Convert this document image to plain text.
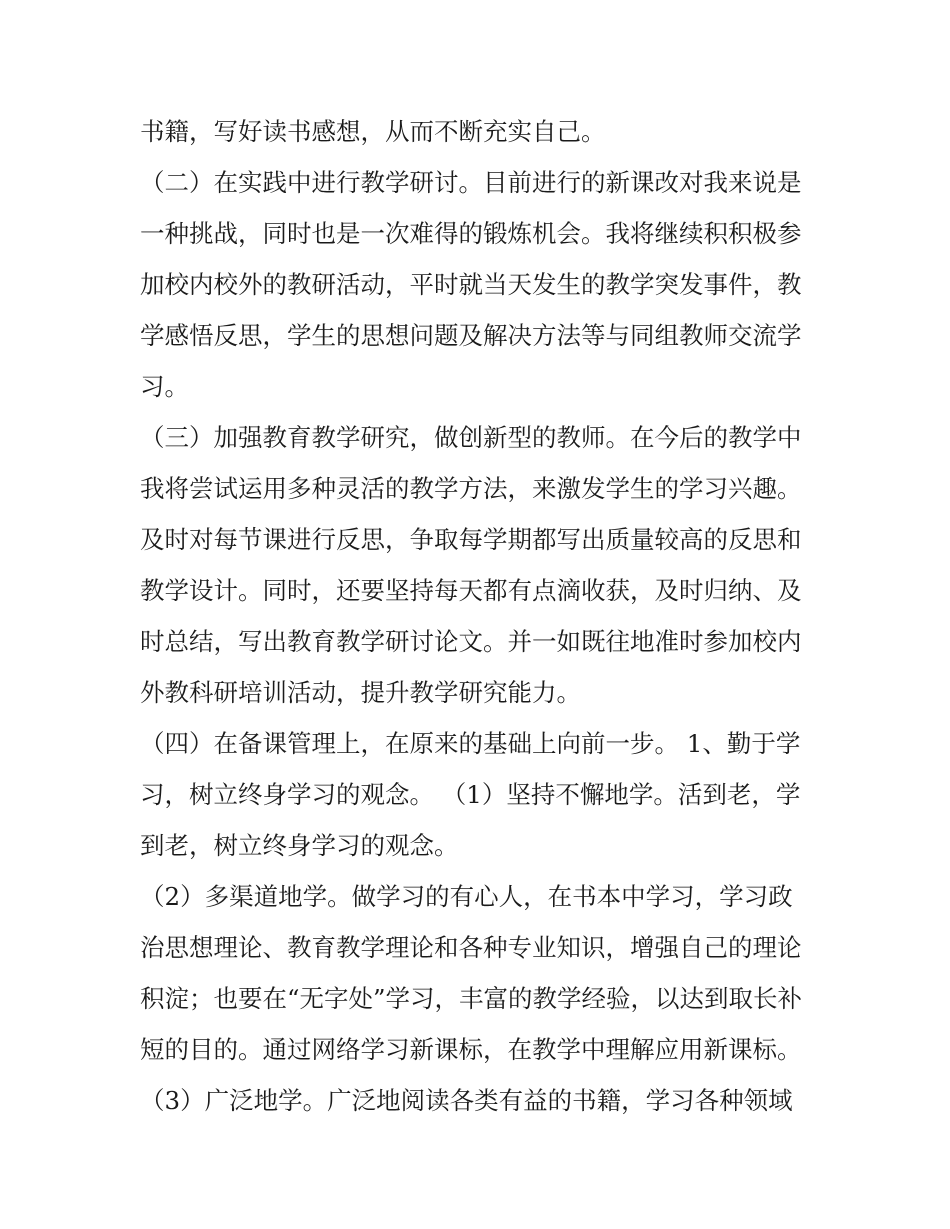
书籍，写好读书感想，从而不断充实自己。
（二）在实践中进行教学研讨。目前进行的新课改对我来说是
一种挑战，同时也是一次难得的锻炼机会。我将继续积积极参
加校内校外的教研活动，平时就当天发生的教学突发事件，教
学感悟反思，学生的思想问题及解决方法等与同组教师交流学
习。
（三）加强教育教学研究，做创新型的教师。在今后的教学中
我将尝试运用多种灵活的教学方法，来激发学生的学习兴趣。
及时对每节课进行反思，争取每学期都写出质量较高的反思和
教学设计。同时，还要坚持每天都有点滴收获，及时归纳、及
时总结，写出教育教学研讨论文。并一如既往地准时参加校内
外教科研培训活动，提升教学研究能力。
（四）在备课管理上，在原来的基础上向前一步。 1、勤于学
习，树立终身学习的观念。 （1）坚持不懈地学。活到老，学
到老，树立终身学习的观念。
（2）多渠道地学。做学习的有心人，在书本中学习，学习政
治思想理论、教育教学理论和各种专业知识，增强自己的理论
积淀；也要在“无字处”学习，丰富的教学经验，以达到取长补
短的目的。通过网络学习新课标，在教学中理解应用新课标。
（3）广泛地学。广泛地阅读各类有益的书籍，学习各种领域
